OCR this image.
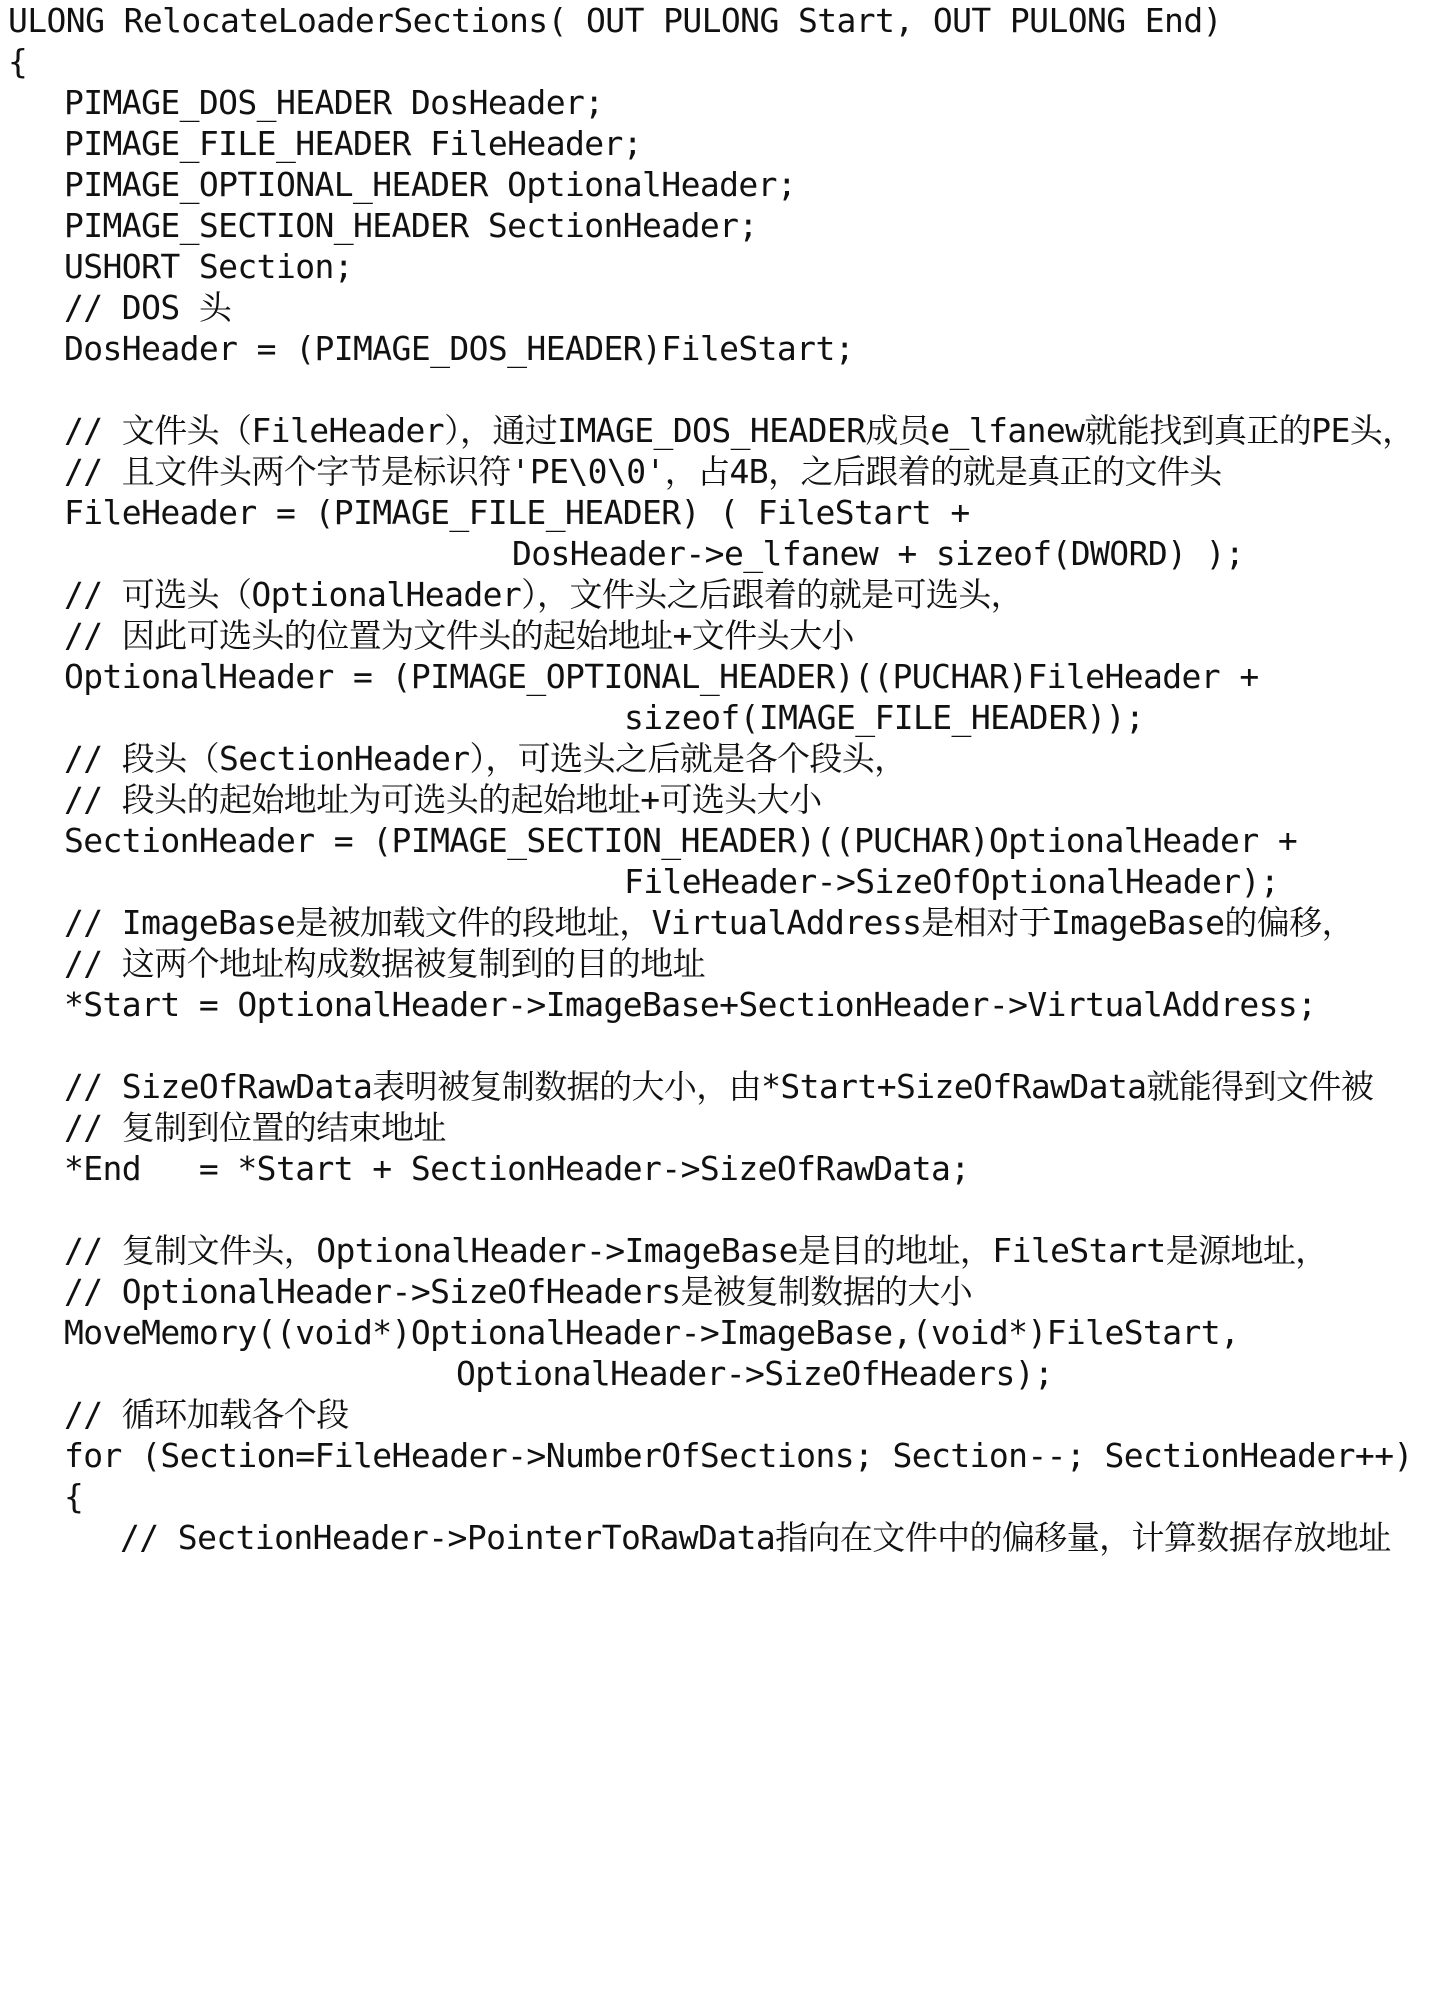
ULONG RelocateLoaderSections( OUT PULONG Start, OUT PULONG End)
{
PIMAGE_DOS_HEADER DosHeader;
PIMAGE_FILE_HEADER FileHeader;
PIMAGE_OPTIONAL_HEADER OptionalHeader;
PIMAGE_SECTION_HEADER SectionHeader;
USHORT Section;
// DOS 头
DosHeader = (PIMAGE_DOS_HEADER)FileStart;
// 文件头（FileHeader），通过IMAGE_DOS_HEADER成员e_lfanew就能找到真正的PE头，
// 且文件头两个字节是标识符'PE\0\0'，占4B，之后跟着的就是真正的文件头
FileHeader = (PIMAGE_FILE_HEADER) ( FileStart +
DosHeader->e_lfanew + sizeof(DWORD) );
// 可选头（OptionalHeader），文件头之后跟着的就是可选头，
// 因此可选头的位置为文件头的起始地址+文件头大小
OptionalHeader = (PIMAGE_OPTIONAL_HEADER)((PUCHAR)FileHeader +
sizeof(IMAGE_FILE_HEADER));
// 段头（SectionHeader），可选头之后就是各个段头，
// 段头的起始地址为可选头的起始地址+可选头大小
SectionHeader = (PIMAGE_SECTION_HEADER)((PUCHAR)OptionalHeader +
FileHeader->SizeOfOptionalHeader);
// ImageBase是被加载文件的段地址，VirtualAddress是相对于ImageBase的偏移，
// 这两个地址构成数据被复制到的目的地址
*Start = OptionalHeader->ImageBase+SectionHeader->VirtualAddress;
// SizeOfRawData表明被复制数据的大小，由*Start+SizeOfRawData就能得到文件被
// 复制到位置的结束地址
*End   = *Start + SectionHeader->SizeOfRawData;
// 复制文件头，OptionalHeader->ImageBase是目的地址，FileStart是源地址，
// OptionalHeader->SizeOfHeaders是被复制数据的大小
MoveMemory((void*)OptionalHeader->ImageBase,(void*)FileStart,
OptionalHeader->SizeOfHeaders);
// 循环加载各个段
for (Section=FileHeader->NumberOfSections; Section--; SectionHeader++)
{
// SectionHeader->PointerToRawData指向在文件中的偏移量，计算数据存放地址
